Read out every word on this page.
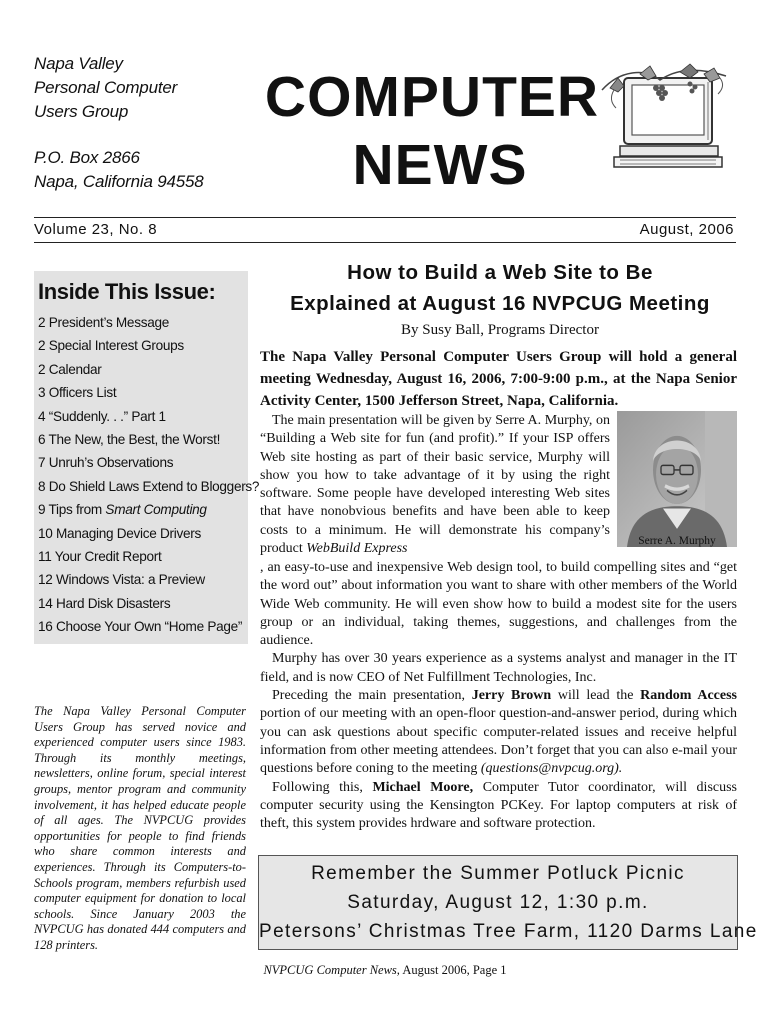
Napa Valley
Personal Computer
Users Group
P.O. Box 2866
Napa, California 94558
COMPUTER
NEWS
Volume 23, No. 8	August, 2006
Inside This Issue:
2 President’s Message
2 Special Interest Groups
2 Calendar
3 Officers List
4 “Suddenly. . .” Part 1
6 The New, the Best, the Worst!
7 Unruh’s Observations
8 Do Shield Laws Extend to Bloggers?
9 Tips from Smart Computing
10 Managing Device Drivers
11 Your Credit Report
12 Windows Vista: a Preview
14 Hard Disk Disasters
16 Choose Your Own “Home Page”
The Napa Valley Personal Computer Users Group has served novice and experienced computer users since 1983. Through its monthly meetings, newsletters, online forum, special interest groups, mentor program and community involvement, it has helped educate people of all ages. The NVPCUG provides opportunities for people to find friends who share common interests and experiences. Through its Computers-to-Schools program, members refurbish used computer equipment for donation to local schools. Since January 2003 the NVPCUG has donated 444 computers and 128 printers.
How to Build a Web Site to Be
Explained at August 16 NVPCUG Meeting
By Susy Ball, Programs Director
The Napa Valley Personal Computer Users Group will hold a general meeting Wednesday, August 16, 2006, 7:00-9:00 p.m., at the Napa Senior Activity Center, 1500 Jefferson Street, Napa, California.

The main presentation will be given by Serre A. Murphy, on “Building a Web site for fun (and profit).” If your ISP offers Web site hosting as part of their basic service, Murphy will show you how to take advantage of it by using the right software. Some people have developed interesting Web sites that have nonobvious benefits and have been able to keep costs to a minimum. He will demonstrate his company’s product WebBuild Express

Serre A. Murphy

, an easy-to-use and inexpensive Web design tool, to build compelling sites and “get the word out” about information you want to share with other members of the World Wide Web community. He will even show how to build a modest site for the users group or an individual, taking themes, suggestions, and challenges from the audience.

Murphy has over 30 years experience as a systems analyst and manager in the IT field, and is now CEO of Net Fulfillment Technologies, Inc.

Preceding the main presentation, Jerry Brown will lead the Random Access portion of our meeting with an open-floor question-and-answer period, during which you can ask questions about specific computer-related issues and receive helpful information from other meeting attendees. Don’t forget that you can also e-mail your questions before coning to the meeting (questions@nvpcug.org).

Following this, Michael Moore, Computer Tutor coordinator, will discuss computer security using the Kensington PCKey. For laptop computers at risk of theft, this system provides hrdware and software protection.

Remember the Summer Potluck Picnic
Saturday, August 12, 1:30 p.m.
Petersons’ Christmas Tree Farm, 1120 Darms Lane
NVPCUG Computer News, August 2006, Page 1
